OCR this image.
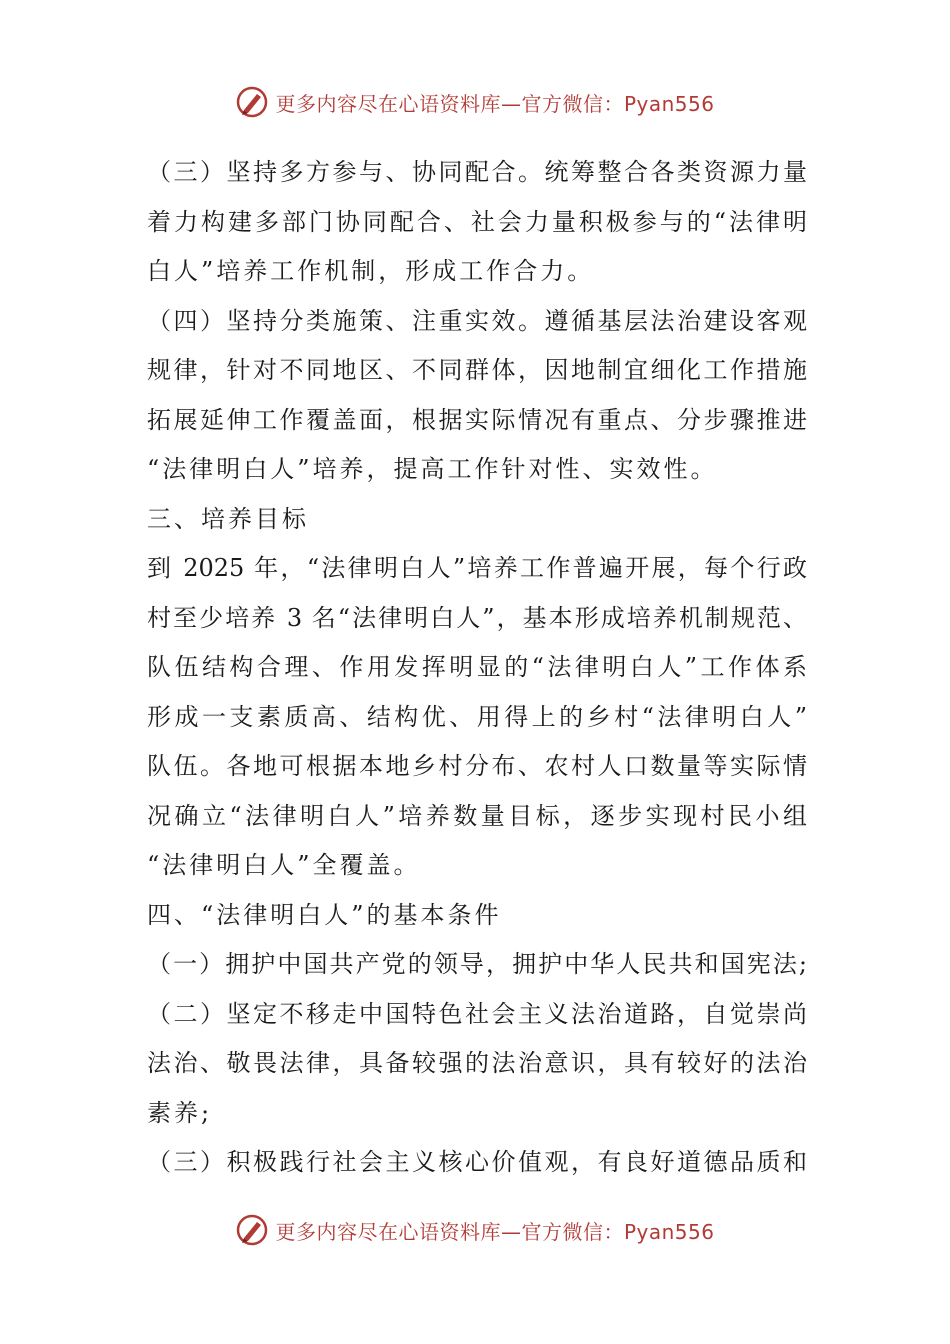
更多内容尽在心语资料库—官方微信：Pyan556
（三）坚持多方参与、协同配合。统筹整合各类资源力量
着力构建多部门协同配合、社会力量积极参与的“法律明
白人”培养工作机制，形成工作合力。
（四）坚持分类施策、注重实效。遵循基层法治建设客观
规律，针对不同地区、不同群体，因地制宜细化工作措施
拓展延伸工作覆盖面，根据实际情况有重点、分步骤推进
“法律明白人”培养，提高工作针对性、实效性。
三、培养目标
到 2025 年，“法律明白人”培养工作普遍开展，每个行政
村至少培养 3 名“法律明白人”，基本形成培养机制规范、
队伍结构合理、作用发挥明显的“法律明白人”工作体系
形成一支素质高、结构优、用得上的乡村“法律明白人”
队伍。各地可根据本地乡村分布、农村人口数量等实际情
况确立“法律明白人”培养数量目标，逐步实现村民小组
“法律明白人”全覆盖。
四、“法律明白人”的基本条件
（一）拥护中国共产党的领导，拥护中华人民共和国宪法;
（二）坚定不移走中国特色社会主义法治道路，自觉崇尚
法治、敬畏法律，具备较强的法治意识，具有较好的法治
素养;
（三）积极践行社会主义核心价值观，有良好道德品质和
更多内容尽在心语资料库—官方微信：Pyan556
